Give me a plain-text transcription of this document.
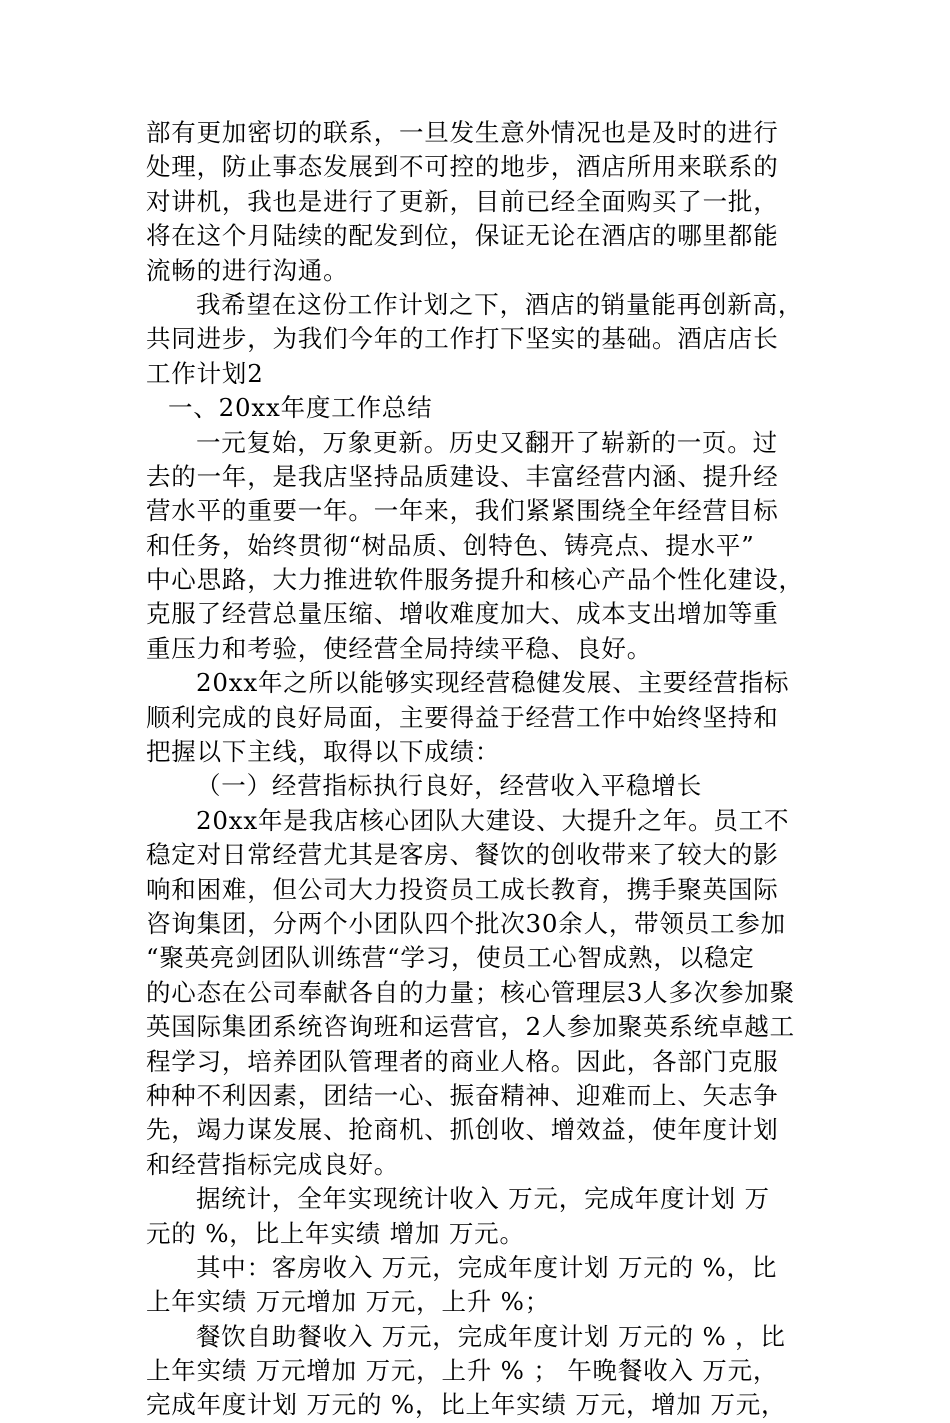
部有更加密切的联系，一旦发生意外情况也是及时的进行
处理，防止事态发展到不可控的地步，酒店所用来联系的
对讲机，我也是进行了更新，目前已经全面购买了一批，
将在这个月陆续的配发到位，保证无论在酒店的哪里都能
流畅的进行沟通。
我希望在这份工作计划之下，酒店的销量能再创新高，
共同进步，为我们今年的工作打下坚实的基础。酒店店长
工作计划2
一、20xx年度工作总结
一元复始，万象更新。历史又翻开了崭新的一页。过
去的一年，是我店坚持品质建设、丰富经营内涵、提升经
营水平的重要一年。一年来，我们紧紧围绕全年经营目标
和任务，始终贯彻“树品质、创特色、铸亮点、提水平”
中心思路，大力推进软件服务提升和核心产品个性化建设，
克服了经营总量压缩、增收难度加大、成本支出增加等重
重压力和考验，使经营全局持续平稳、良好。
20xx年之所以能够实现经营稳健发展、主要经营指标
顺利完成的良好局面，主要得益于经营工作中始终坚持和
把握以下主线，取得以下成绩：
（一）经营指标执行良好，经营收入平稳增长
20xx年是我店核心团队大建设、大提升之年。员工不
稳定对日常经营尤其是客房、餐饮的创收带来了较大的影
响和困难，但公司大力投资员工成长教育，携手聚英国际
咨询集团，分两个小团队四个批次30余人，带领员工参加
“聚英亮剑团队训练营“学习，使员工心智成熟，以稳定
的心态在公司奉献各自的力量；核心管理层3人多次参加聚
英国际集团系统咨询班和运营官，2人参加聚英系统卓越工
程学习，培养团队管理者的商业人格。因此，各部门克服
种种不利因素，团结一心、振奋精神、迎难而上、矢志争
先，竭力谋发展、抢商机、抓创收、增效益，使年度计划
和经营指标完成良好。
据统计，全年实现统计收入 万元，完成年度计划 万
元的 %，比上年实绩 增加 万元。
其中：客房收入 万元，完成年度计划 万元的 %，比
上年实绩 万元增加 万元，上升 %；
餐饮自助餐收入 万元，完成年度计划 万元的 % ，比
上年实绩 万元增加 万元，上升 % ； 午晚餐收入 万元，
完成年度计划 万元的 %，比上年实绩 万元，增加 万元，
